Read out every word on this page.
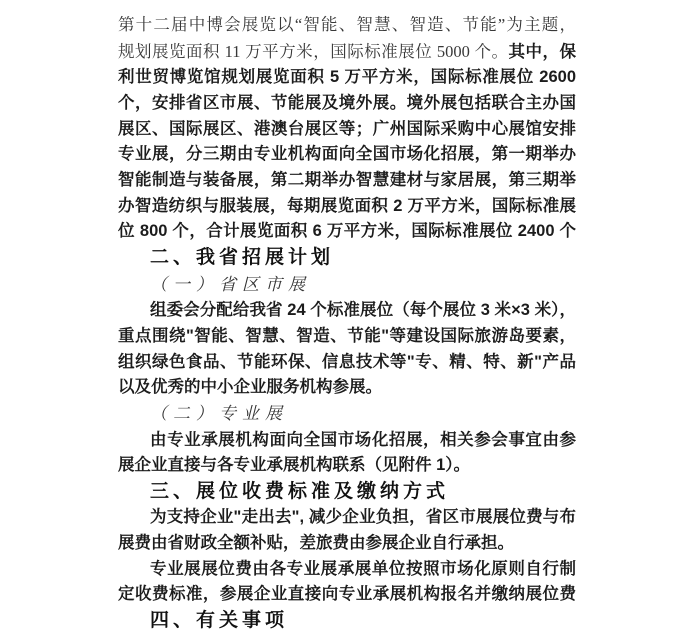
第十二届中博会展览以“智能、智慧、智造、节能”为主题，
规划展览面积 11 万平方米，国际标准展位 5000 个。其中，保
利世贸博览馆规划展览面积 5 万平方米，国际标准展位 2600
个，安排省区市展、节能展及境外展。境外展包括联合主办国
展区、国际展区、港澳台展区等；广州国际采购中心展馆安排
专业展，分三期由专业机构面向全国市场化招展，第一期举办
智能制造与装备展，第二期举办智慧建材与家居展，第三期举
办智造纺织与服装展，每期展览面积 2 万平方米，国际标准展
位 800 个，合计展览面积 6 万平方米，国际标准展位 2400 个
二、我省招展计划
（一）省区市展
组委会分配给我省 24 个标准展位（每个展位 3 米×3 米），
重点围绕"智能、智慧、智造、节能"等建设国际旅游岛要素，
组织绿色食品、节能环保、信息技术等"专、精、特、新"产品
以及优秀的中小企业服务机构参展。
（二）专业展
由专业承展机构面向全国市场化招展，相关参会事宜由参
展企业直接与各专业承展机构联系（见附件 1）。
三、展位收费标准及缴纳方式
为支持企业"走出去", 减少企业负担，省区市展展位费与布
展费由省财政全额补贴，差旅费由参展企业自行承担。
专业展展位费由各专业展承展单位按照市场化原则自行制
定收费标准，参展企业直接向专业承展机构报名并缴纳展位费
四、有关事项
